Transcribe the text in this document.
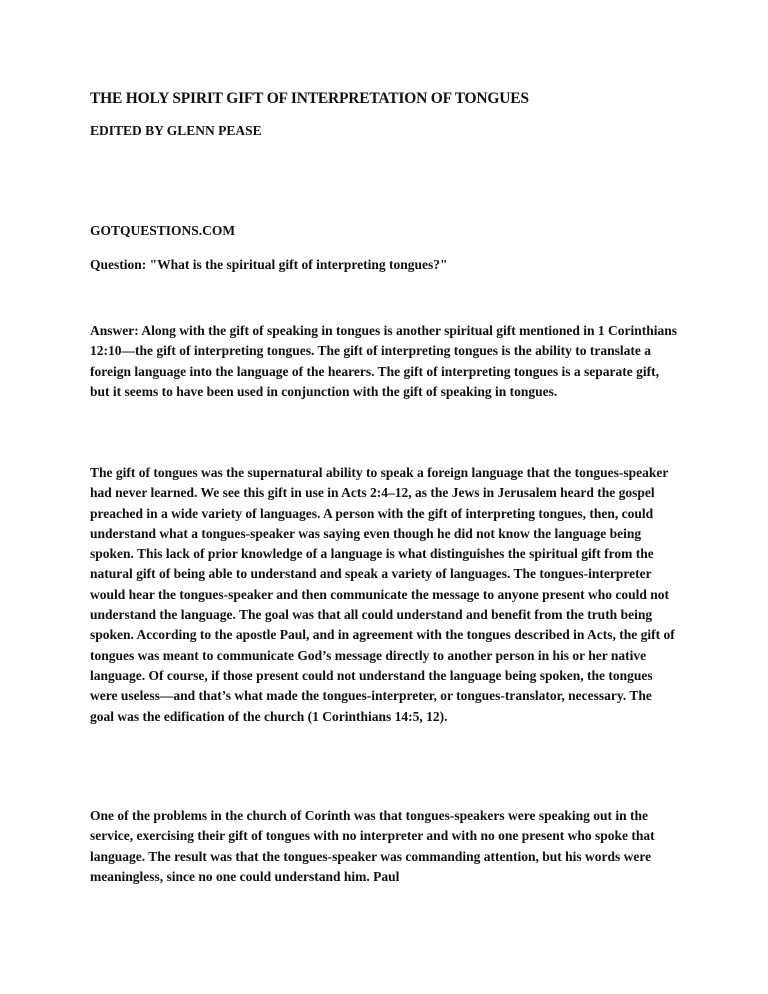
THE HOLY SPIRIT GIFT OF INTERPRETATION OF TONGUES
EDITED BY GLENN PEASE
GOTQUESTIONS.COM
Question: "What is the spiritual gift of interpreting tongues?"

Answer: Along with the gift of speaking in tongues is another spiritual gift mentioned in 1 Corinthians 12:10—the gift of interpreting tongues. The gift of interpreting tongues is the ability to translate a foreign language into the language of the hearers. The gift of interpreting tongues is a separate gift, but it seems to have been used in conjunction with the gift of speaking in tongues.

The gift of tongues was the supernatural ability to speak a foreign language that the tongues-speaker had never learned. We see this gift in use in Acts 2:4–12, as the Jews in Jerusalem heard the gospel preached in a wide variety of languages. A person with the gift of interpreting tongues, then, could understand what a tongues-speaker was saying even though he did not know the language being spoken. This lack of prior knowledge of a language is what distinguishes the spiritual gift from the natural gift of being able to understand and speak a variety of languages. The tongues-interpreter would hear the tongues-speaker and then communicate the message to anyone present who could not understand the language. The goal was that all could understand and benefit from the truth being spoken. According to the apostle Paul, and in agreement with the tongues described in Acts, the gift of tongues was meant to communicate God’s message directly to another person in his or her native language. Of course, if those present could not understand the language being spoken, the tongues were useless—and that’s what made the tongues-interpreter, or tongues-translator, necessary. The goal was the edification of the church (1 Corinthians 14:5, 12).

One of the problems in the church of Corinth was that tongues-speakers were speaking out in the service, exercising their gift of tongues with no interpreter and with no one present who spoke that language. The result was that the tongues-speaker was commanding attention, but his words were meaningless, since no one could understand him. Paul
